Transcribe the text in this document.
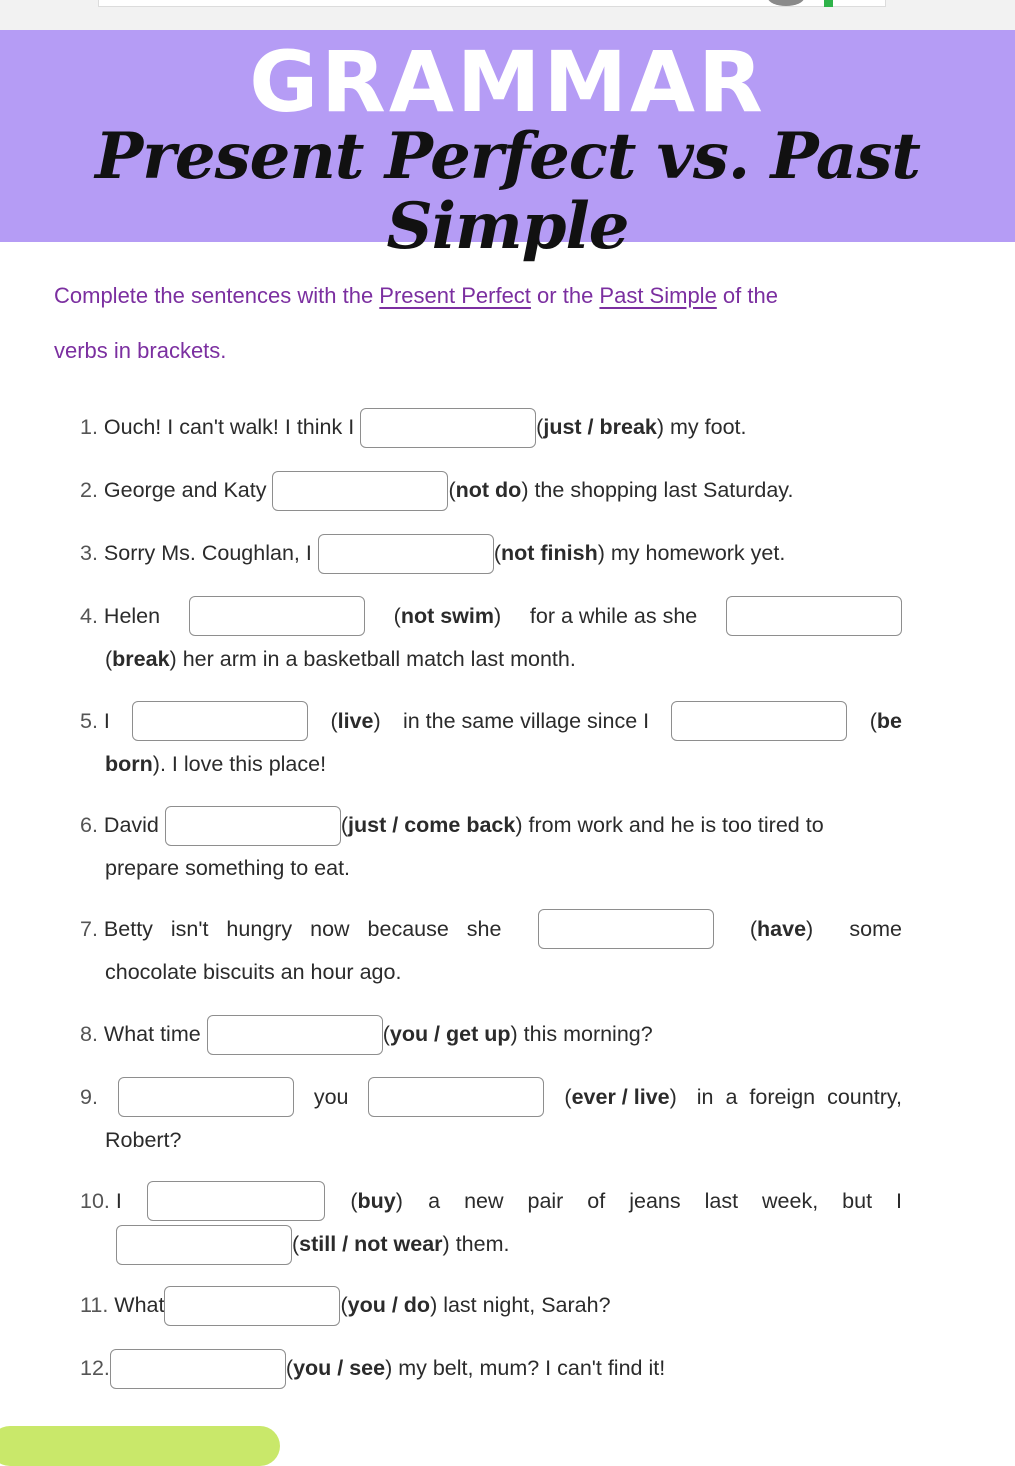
GRAMMAR
Present Perfect vs. Past Simple
Complete the sentences with the Present Perfect or the Past Simple of the
verbs in brackets.
1. Ouch! I can't walk! I think I	(just / break) my foot.
2. George and Katy	(not do) the shopping last Saturday.
3. Sorry Ms. Coughlan, I	(not finish) my homework yet.
4. Helen	(not swim) for a while as she
(break) her arm in a basketball match last month.
5. I	(live) in the same village since I	(be
born). I love this place!
6. David	(just / come back) from work and he is too tired to
prepare something to eat.
7. Betty isn't hungry now because she	(have) some
chocolate biscuits an hour ago.
8. What time	(you / get up) this morning?
9.	you	(ever / live) in a foreign country,
Robert?
10. I	(buy) a new pair of jeans last week, but I
(still / not wear) them.
11. What	(you / do) last night, Sarah?
12.	(you / see) my belt, mum? I can't find it!
